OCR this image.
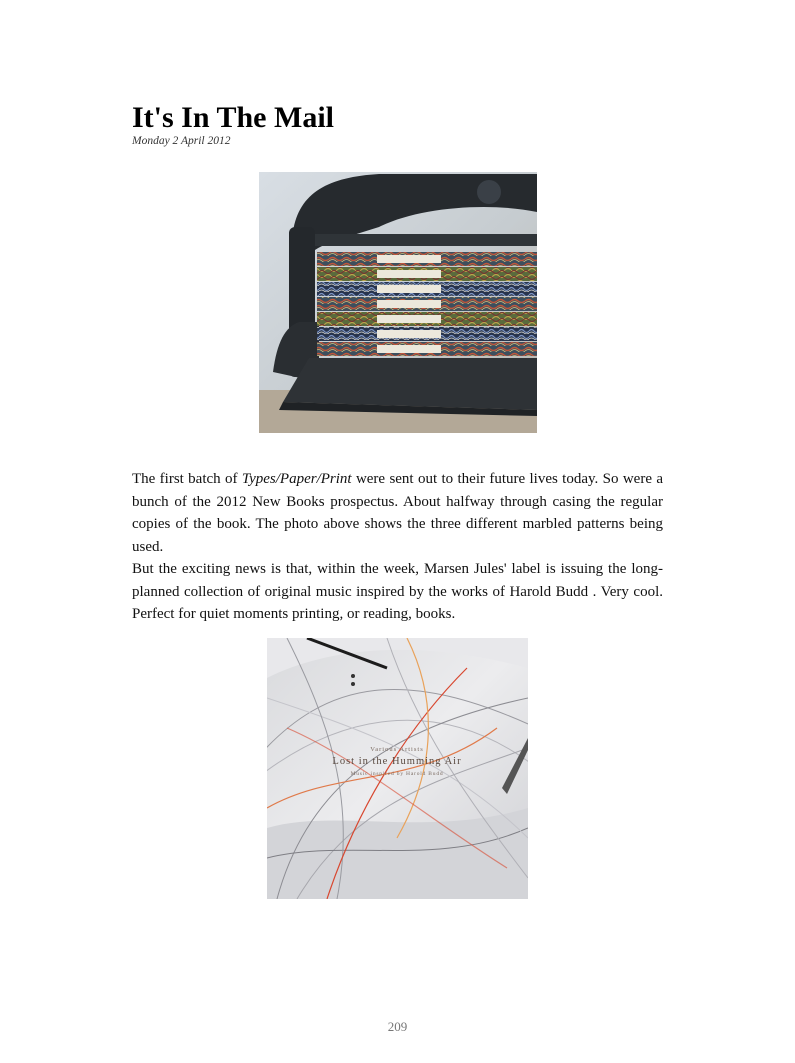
It's In The Mail
Monday 2 April 2012

The first batch of Types/Paper/Print were sent out to their future lives today. So were a bunch of the 2012 New Books prospectus. About halfway through casing the regular copies of the book. The photo above shows the three different marbled patterns being used.

But the exciting news is that, within the week, Marsen Jules' label is issuing the long-planned collection of original music inspired by the works of Harold Budd . Very cool. Perfect for quiet moments printing, or reading, books.

Various Artists
Lost in the Humming Air
Music inspired by Harold Budd
209
